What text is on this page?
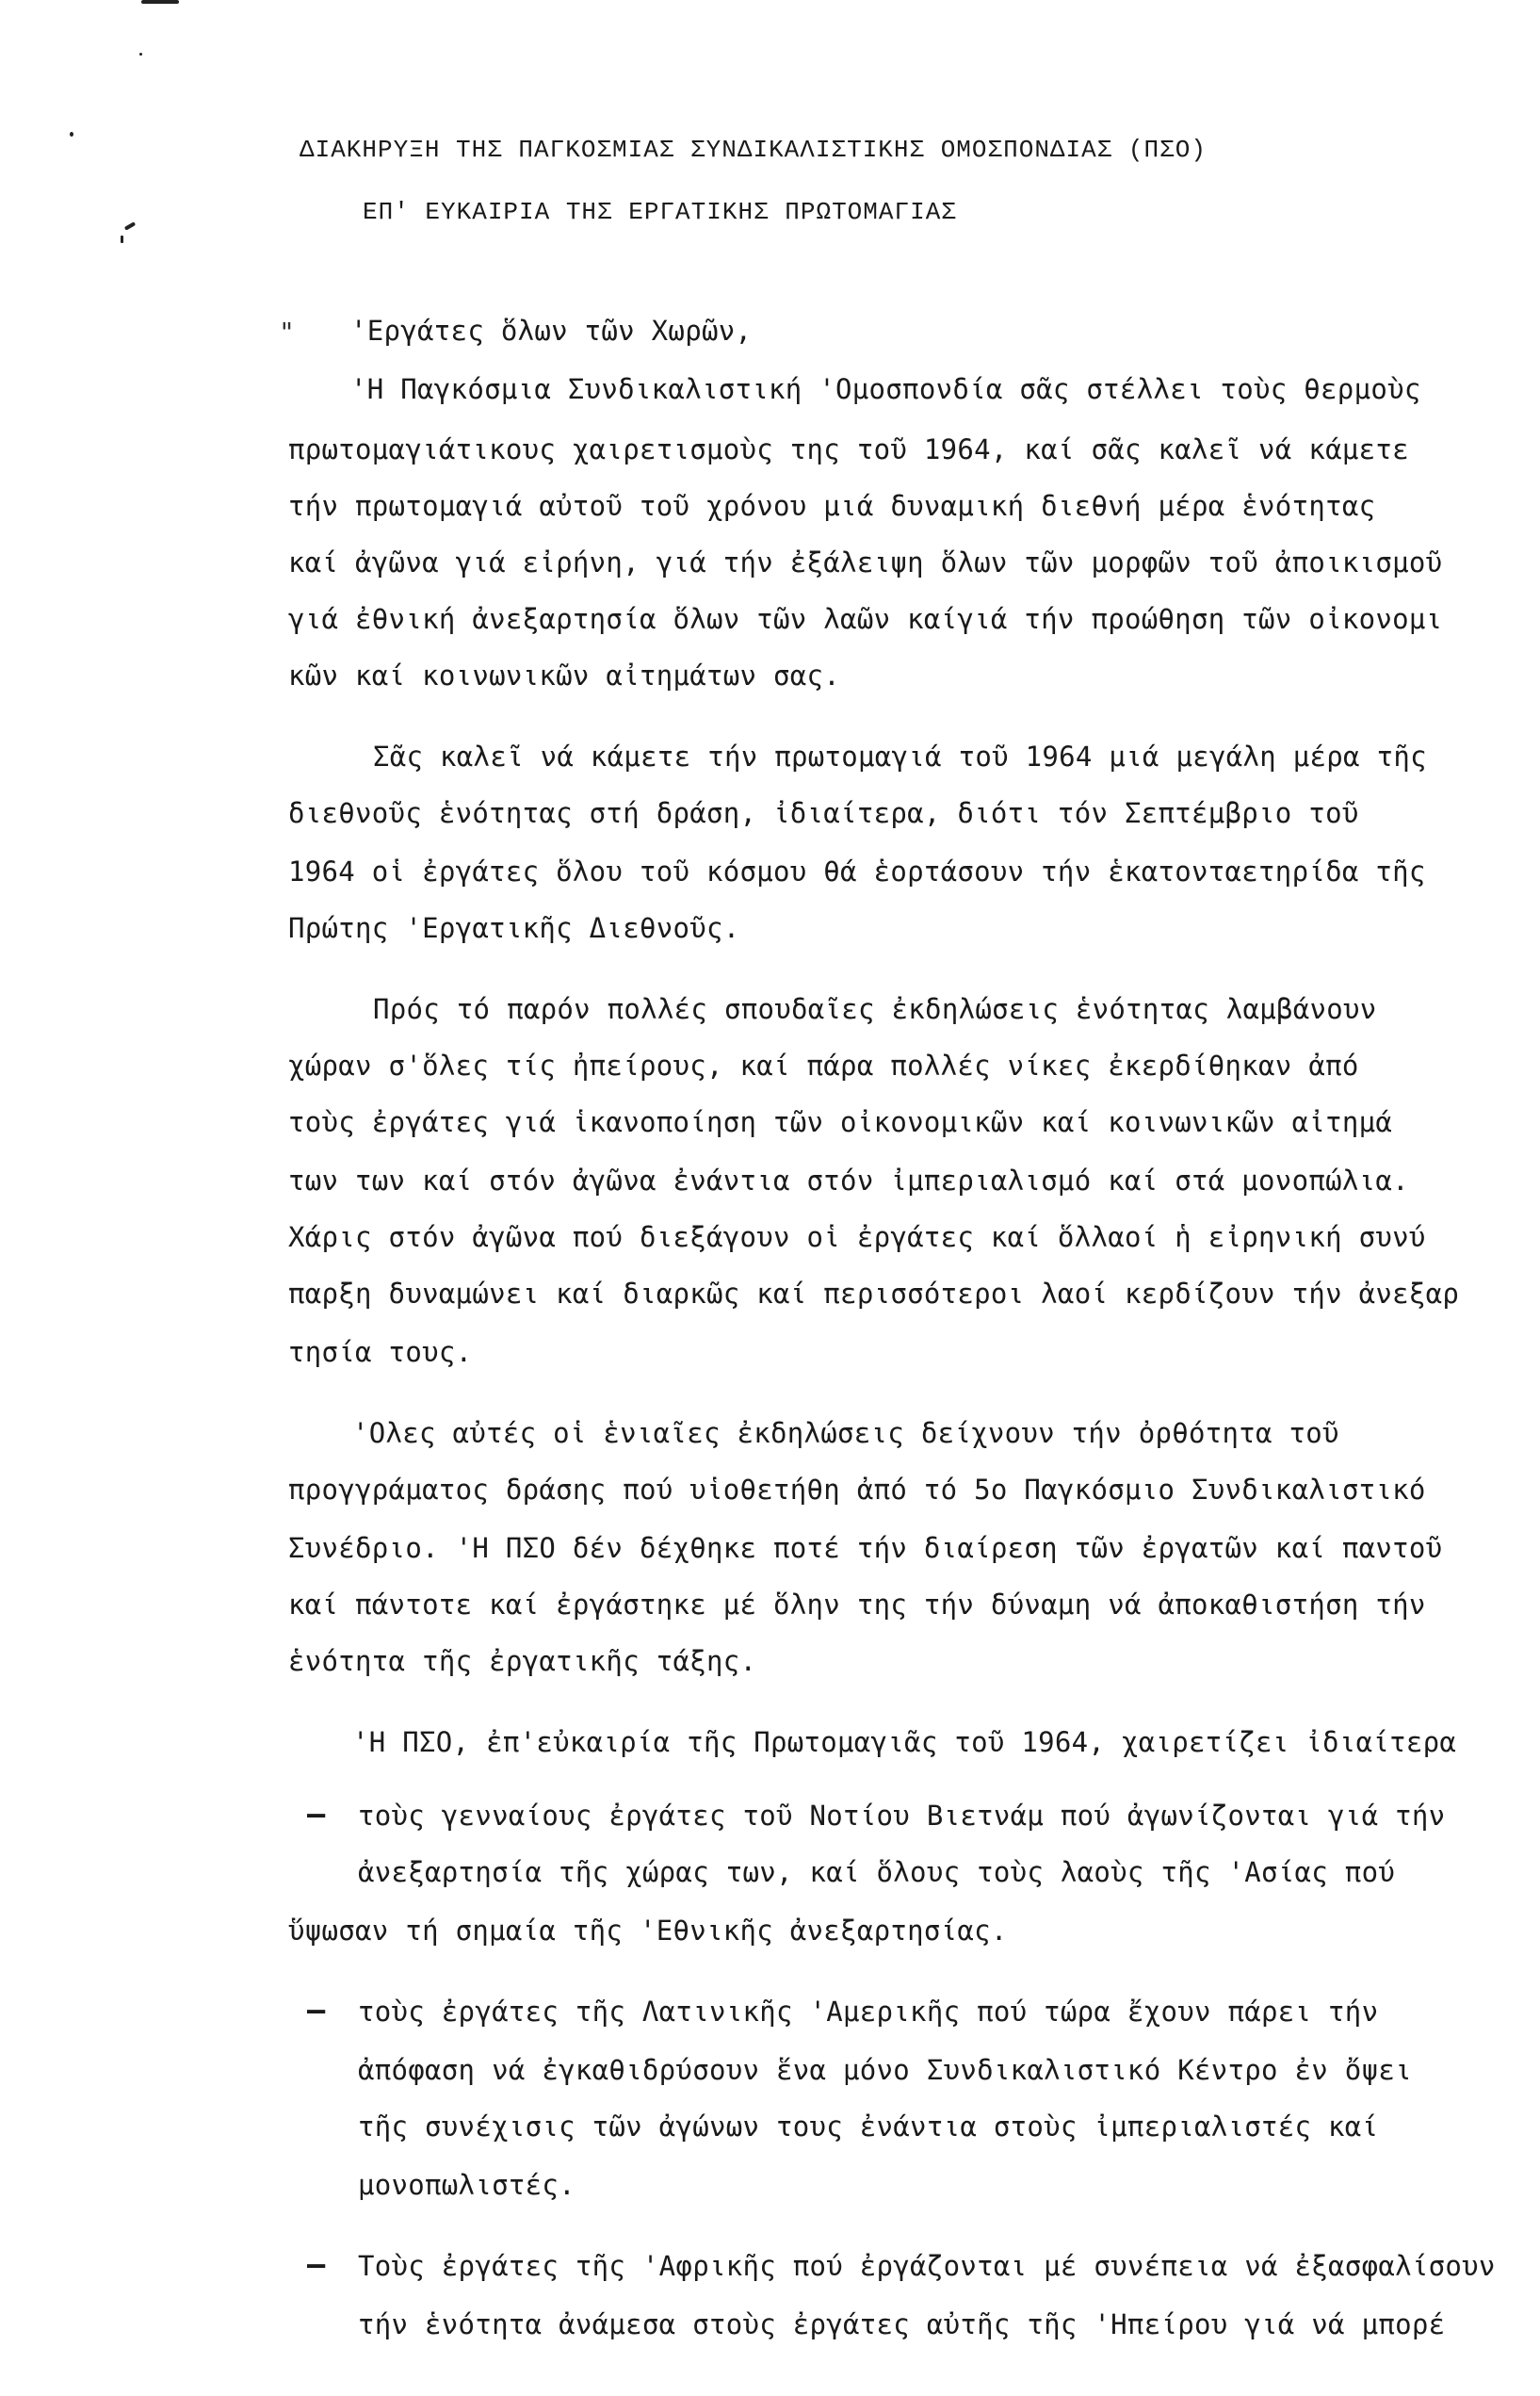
ΔΙΑΚΗΡΥΞΗ ΤΗΣ ΠΑΓΚΟΣΜΙΑΣ ΣΥΝΔΙΚΑΛΙΣΤΙΚΗΣ ΟΜΟΣΠΟΝΔΙΑΣ (ΠΣΟ)
ΕΠ' ΕΥΚΑΙΡΙΑ ΤΗΣ ΕΡΓΑΤΙΚΗΣ ΠΡΩΤΟΜΑΓΙΑΣ
" 'Εργάτες ὅλων τῶν Χωρῶν,
'Η Παγκόσμια Συνδικαλιστική 'Ομοσπονδία σᾶς στέλλει τοὺς θερμοὺς
πρωτομαγιάτικους χαιρετισμοὺς της τοῦ 1964, καί σᾶς καλεῖ νά κάμετε
τήν πρωτομαγιά αὐτοῦ τοῦ χρόνου μιά δυναμική διεθνή μέρα ἑνότητας
καί ἀγῶνα γιά εἰρήνη, γιά τήν ἐξάλειψη ὅλων τῶν μορφῶν τοῦ ἀποικισμοῦ
γιά ἐθνική ἀνεξαρτησία ὅλων τῶν λαῶν καίγιά τήν προώθηση τῶν οἰκονομι
κῶν καί κοινωνικῶν αἰτημάτων σας.
Σᾶς καλεῖ νά κάμετε τήν πρωτομαγιά τοῦ 1964 μιά μεγάλη μέρα τῆς
διεθνοῦς ἑνότητας στή δράση, ἰδιαίτερα, διότι τόν Σεπτέμβριο τοῦ
1964 οἱ ἐργάτες ὅλου τοῦ κόσμου θά ἑορτάσουν τήν ἑκατονταετηρίδα τῆς
Πρώτης 'Εργατικῆς Διεθνοῦς.
Πρός τό παρόν πολλές σπουδαῖες ἐκδηλώσεις ἑνότητας λαμβάνουν
χώραν σ'ὅλες τίς ἠπείρους, καί πάρα πολλές νίκες ἐκερδίθηκαν ἀπό
τοὺς ἐργάτες γιά ἱκανοποίηση τῶν οἰκονομικῶν καί κοινωνικῶν αἰτημά
των των καί στόν ἀγῶνα ἐνάντια στόν ἰμπεριαλισμό καί στά μονοπώλια.
Χάρις στόν ἀγῶνα πού διεξάγουν οἱ ἐργάτες καί ὅλλαοί ἡ εἰρηνική συνύ
παρξη δυναμώνει καί διαρκῶς καί περισσότεροι λαοί κερδίζουν τήν ἀνεξαρ
τησία τους.
'Ολες αὐτές οἱ ἑνιαῖες ἐκδηλώσεις δείχνουν τήν ὀρθότητα τοῦ
προγγράματος δράσης πού υἱοθετήθη ἀπό τό 5ο Παγκόσμιο Συνδικαλιστικό
Συνέδριο. 'Η ΠΣΟ δέν δέχθηκε ποτέ τήν διαίρεση τῶν ἐργατῶν καί παντοῦ
καί πάντοτε καί ἐργάστηκε μέ ὅλην της τήν δύναμη νά ἀποκαθιστήση τήν
ἑνότητα τῆς ἐργατικῆς τάξης.
'Η ΠΣΟ, ἐπ'εὐκαιρία τῆς Πρωτομαγιᾶς τοῦ 1964, χαιρετίζει ἰδιαίτερα
– τοὺς γενναίους ἐργάτες τοῦ Νοτίου Βιετνάμ πού ἀγωνίζονται γιά τήν
ἀνεξαρτησία τῆς χώρας των, καί ὅλους τοὺς λαοὺς τῆς 'Ασίας πού
ὕψωσαν τή σημαία τῆς 'Εθνικῆς ἀνεξαρτησίας.
– τοὺς ἐργάτες τῆς Λατινικῆς 'Αμερικῆς πού τώρα ἔχουν πάρει τήν
ἀπόφαση νά ἐγκαθιδρύσουν ἕνα μόνο Συνδικαλιστικό Κέντρο ἐν ὄψει
τῆς συνέχισις τῶν ἀγώνων τους ἐνάντια στοὺς ἰμπεριαλιστές καί
μονοπωλιστές.
– Τοὺς ἐργάτες τῆς 'Αφρικῆς πού ἐργάζονται μέ συνέπεια νά ἐξασφαλίσουν
τήν ἑνότητα ἀνάμεσα στοὺς ἐργάτες αὐτῆς τῆς 'Ηπείρου γιά νά μπορέ
